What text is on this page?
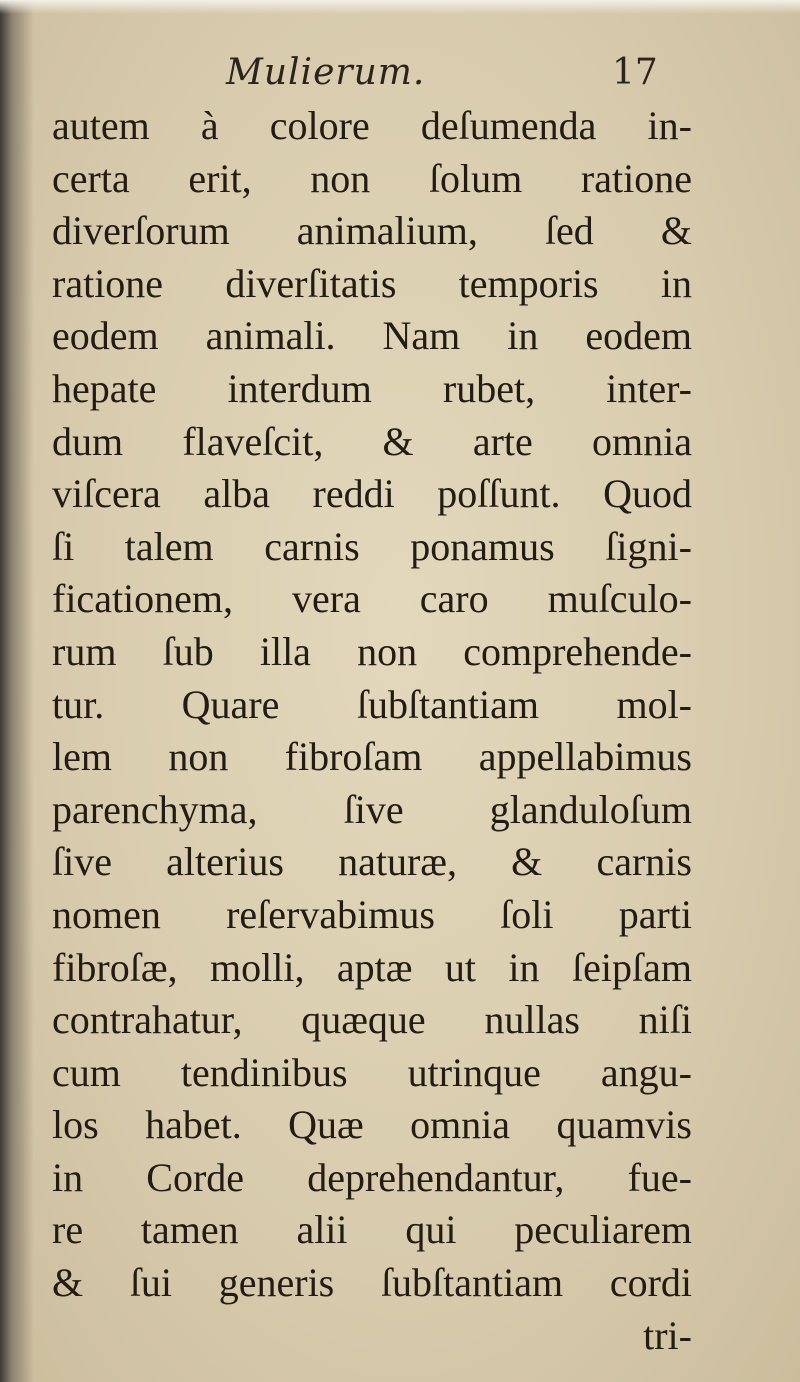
Mulierum.	17
autem à colore deſumenda in-
certa erit, non ſolum ratione
diverſorum animalium, ſed &
ratione diverſitatis temporis in
eodem animali. Nam in eodem
hepate interdum rubet, inter-
dum flaveſcit, & arte omnia
viſcera alba reddi poſſunt. Quod
ſi talem carnis ponamus ſigni-
ficationem, vera caro muſculo-
rum ſub illa non comprehende-
tur. Quare ſubſtantiam mol-
lem non fibroſam appellabimus
parenchyma, ſive glanduloſum
ſive alterius naturæ, & carnis
nomen reſervabimus ſoli parti
fibroſæ, molli, aptæ ut in ſeipſam
contrahatur, quæque nullas niſi
cum tendinibus utrinque angu-
los habet. Quæ omnia quamvis
in Corde deprehendantur, fue-
re tamen alii qui peculiarem
& ſui generis ſubſtantiam cordi
tri-
